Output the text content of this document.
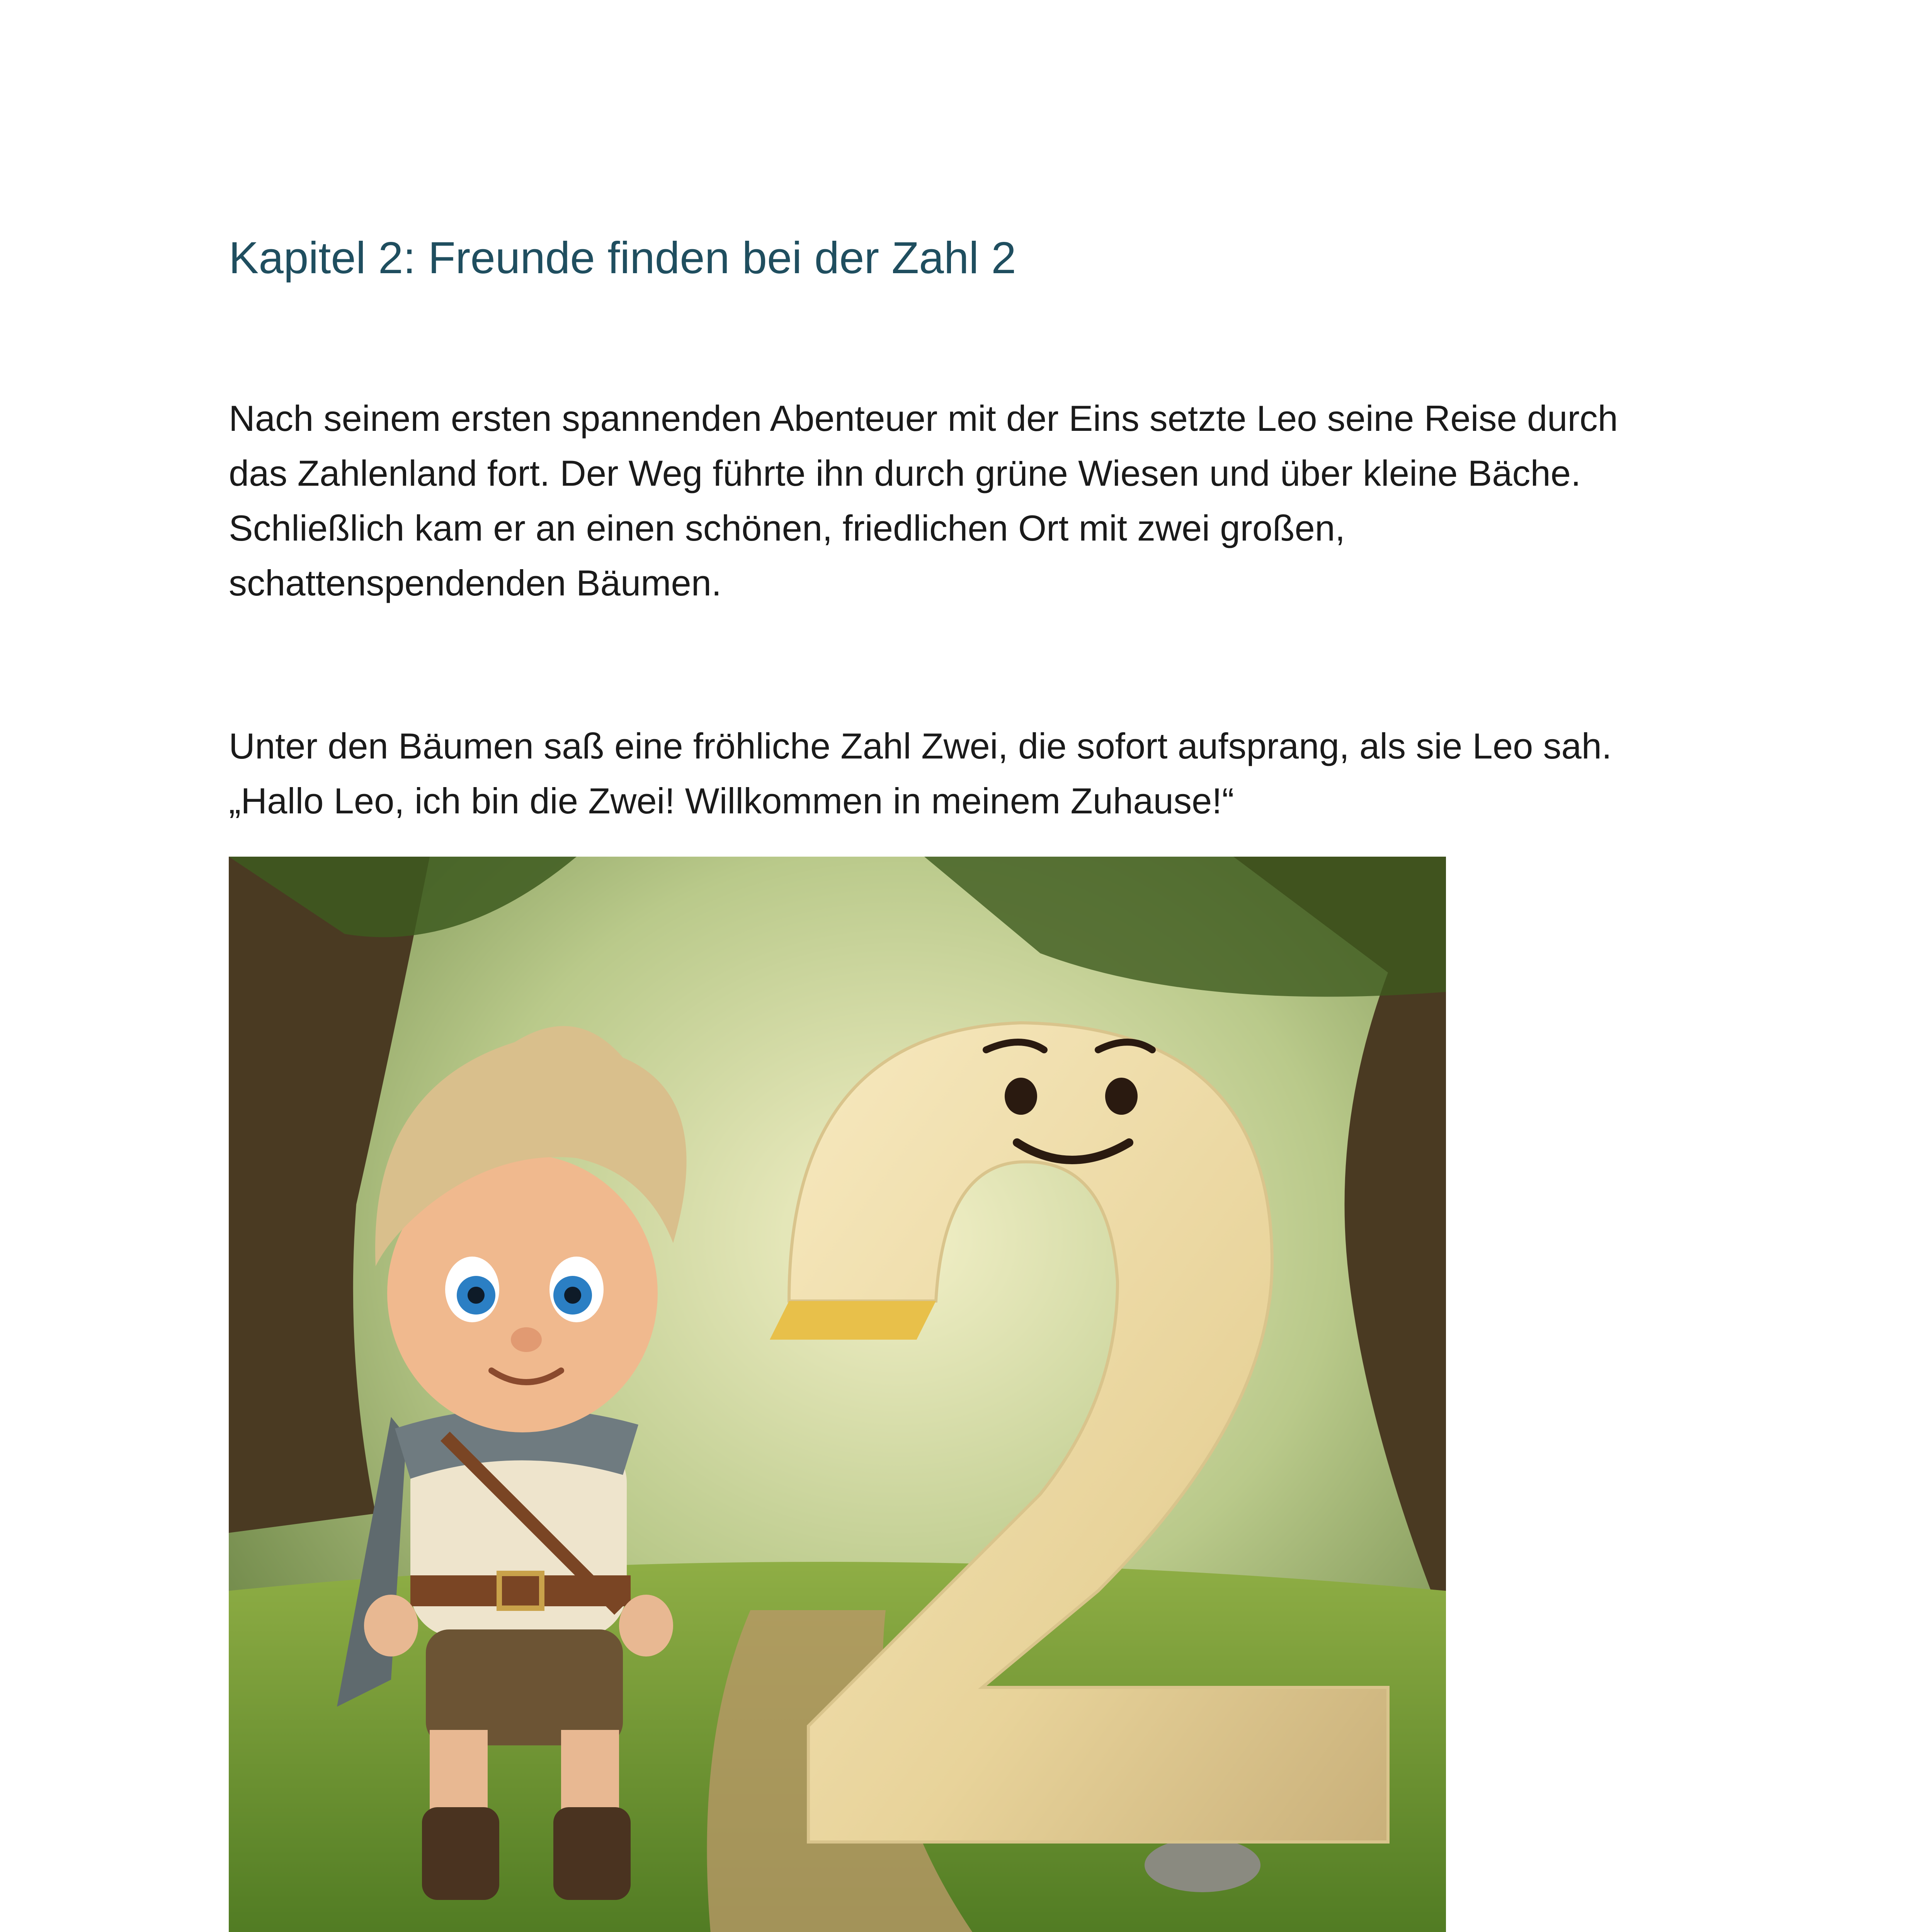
Kapitel 2: Freunde finden bei der Zahl 2

Nach seinem ersten spannenden Abenteuer mit der Eins setzte Leo seine Reise durch
das Zahlenland fort. Der Weg führte ihn durch grüne Wiesen und über kleine Bäche.
Schließlich kam er an einen schönen, friedlichen Ort mit zwei großen,
schattenspendenden Bäumen.

Unter den Bäumen saß eine fröhliche Zahl Zwei, die sofort aufsprang, als sie Leo sah.
„Hallo Leo, ich bin die Zwei! Willkommen in meinem Zuhause!“
